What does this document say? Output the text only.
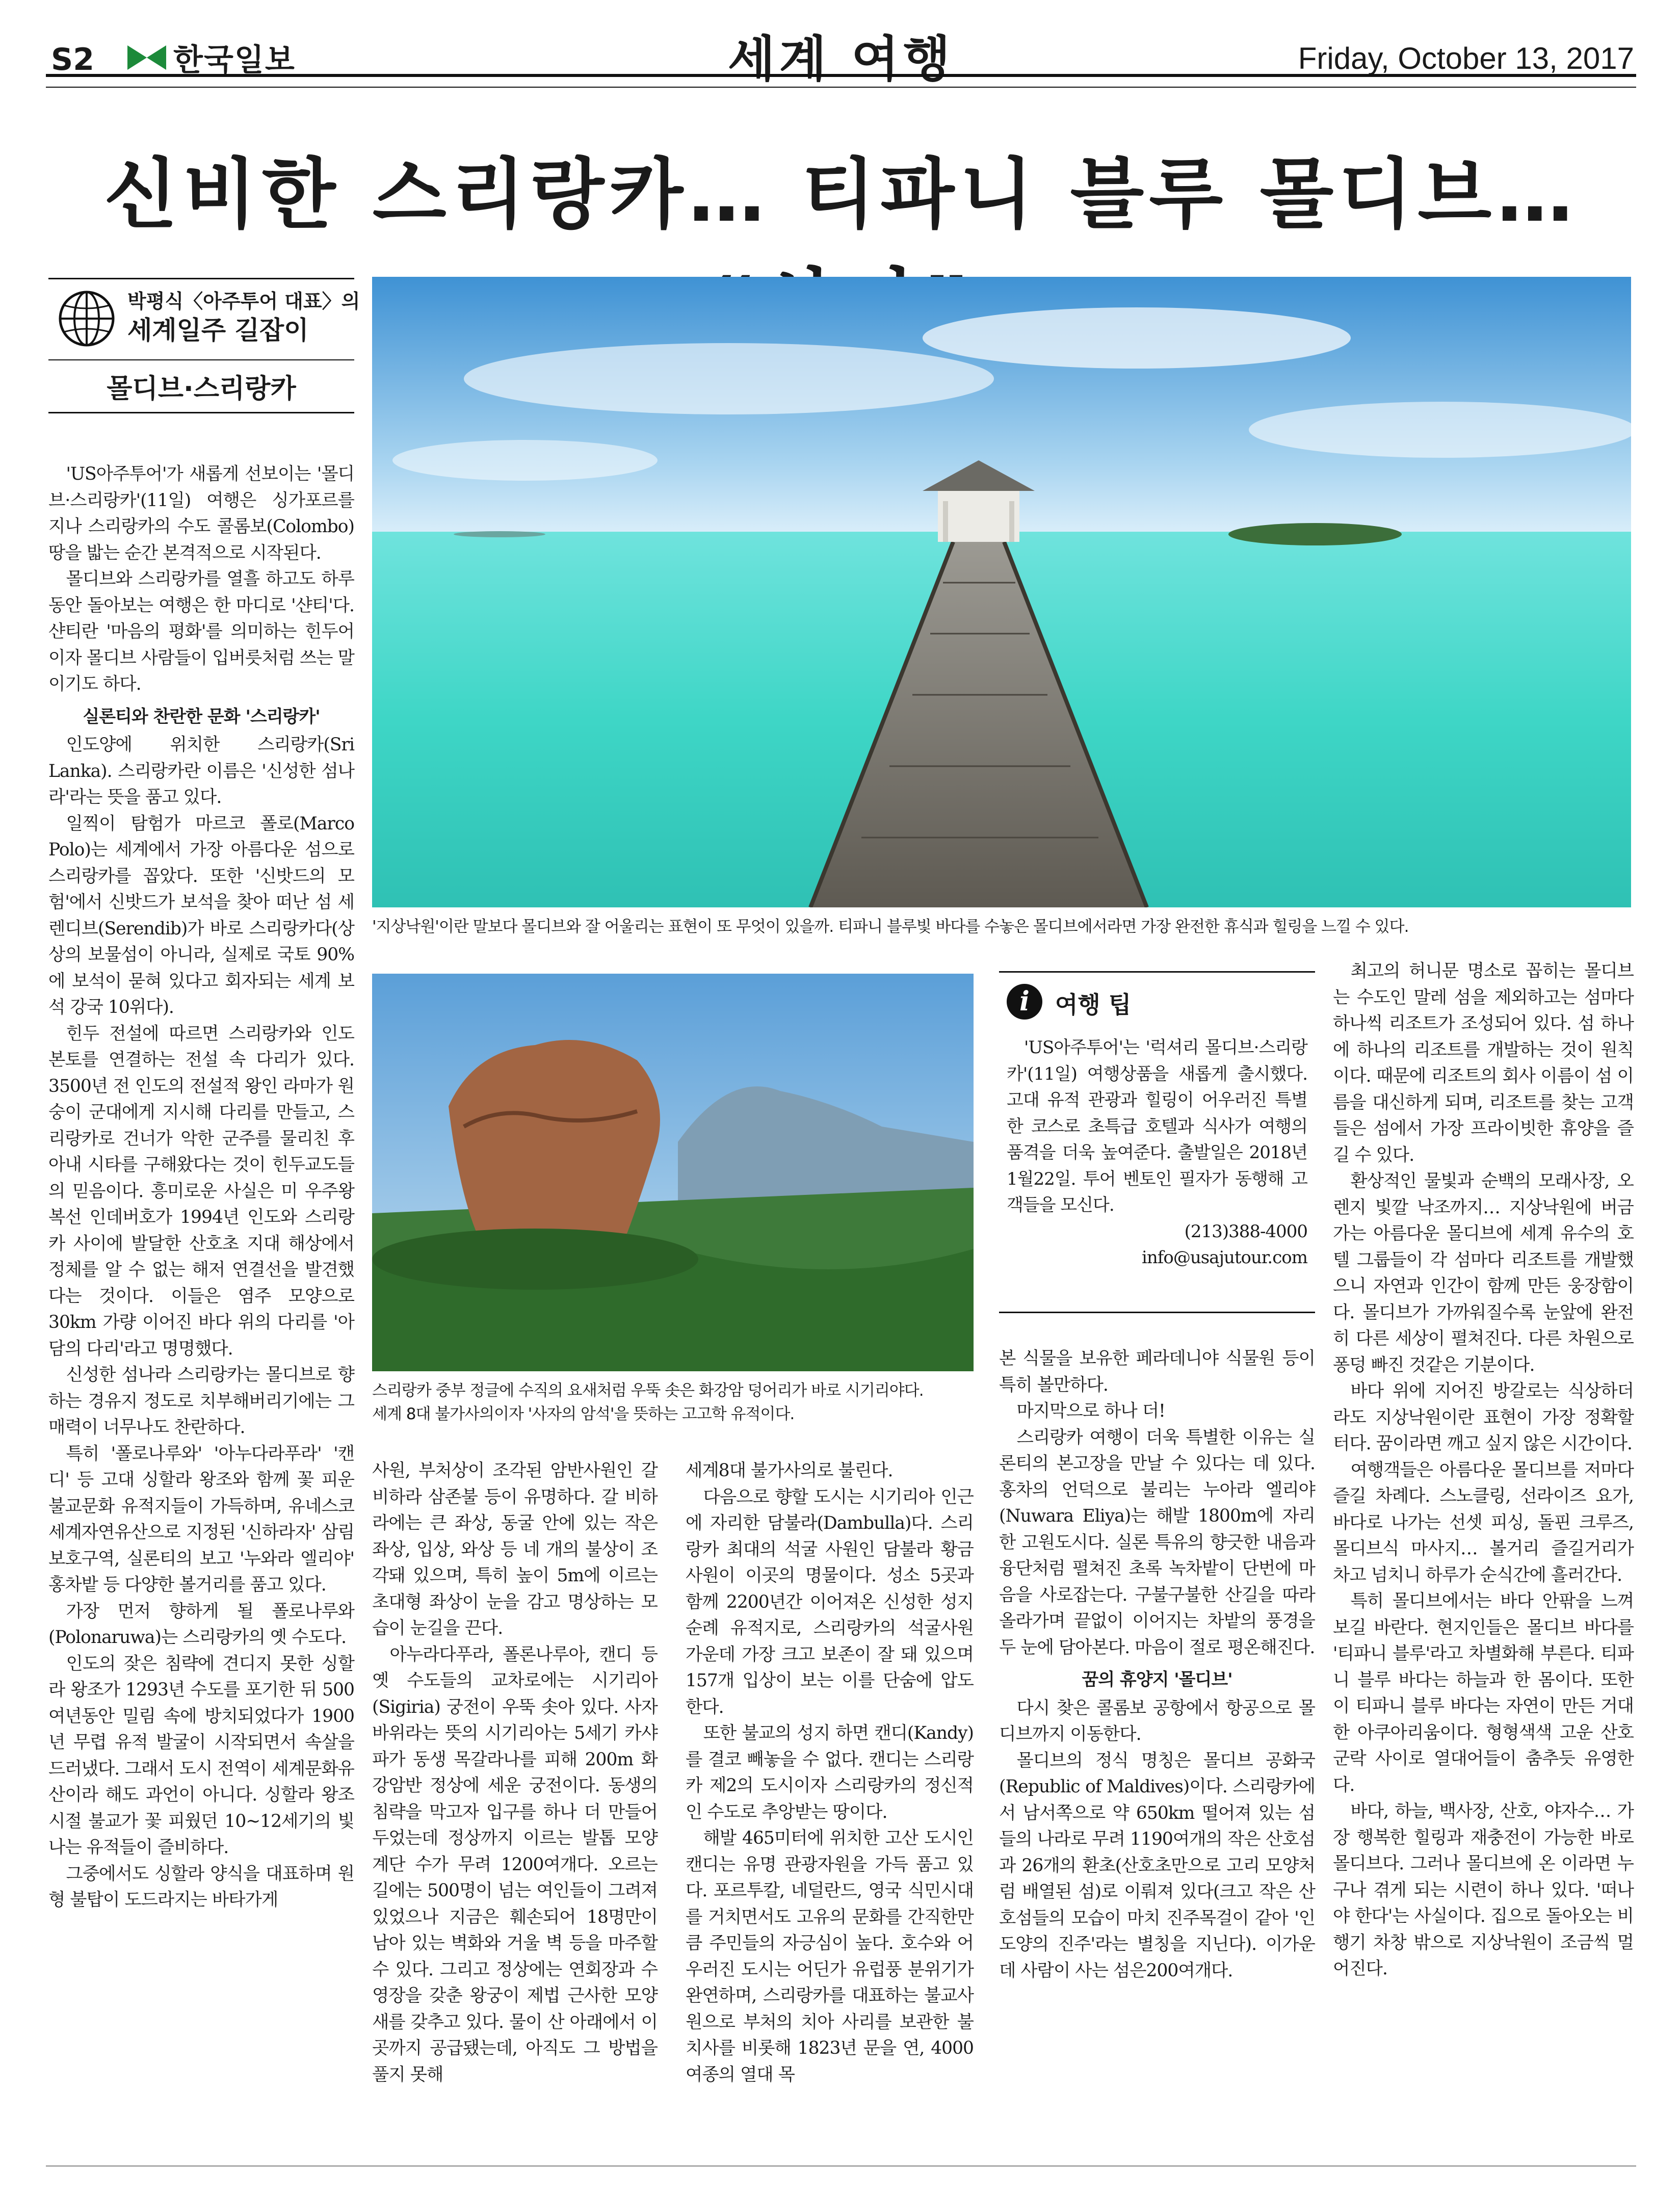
S2	한국일보	세계 여행	Friday, October 13, 2017
신비한 스리랑카… 티파니 블루 몰디브…
박평식〈아주투어 대표〉의
세계일주 길잡이
몰디브·스리랑카

'US아주투어'가 새롭게 선보이는 '몰디브·스리랑카'(11일) 여행은 싱가포르를 지나 스리랑카의 수도 콜롬보(Colombo) 땅을 밟는 순간 본격적으로 시작된다.

몰디브와 스리랑카를 열흘 하고도 하루 동안 돌아보는 여행은 한 마디로 '샨티'다. 샨티란 '마음의 평화'를 의미하는 힌두어이자 몰디브 사람들이 입버릇처럼 쓰는 말이기도 하다.

실론티와 찬란한 문화 '스리랑카'

인도양에 위치한 스리랑카(Sri Lanka). 스리랑카란 이름은 '신성한 섬나라'라는 뜻을 품고 있다.

일찍이 탐험가 마르코 폴로(Marco Polo)는 세계에서 가장 아름다운 섬으로 스리랑카를 꼽았다. 또한 '신밧드의 모험'에서 신밧드가 보석을 찾아 떠난 섬 세렌디브(Serendib)가 바로 스리랑카다(상상의 보물섬이 아니라, 실제로 국토 90%에 보석이 묻혀 있다고 회자되는 세계 보석 강국 10위다).

힌두 전설에 따르면 스리랑카와 인도 본토를 연결하는 전설 속 다리가 있다. 3500년 전 인도의 전설적 왕인 라마가 원숭이 군대에게 지시해 다리를 만들고, 스리랑카로 건너가 악한 군주를 물리친 후 아내 시타를 구해왔다는 것이 힌두교도들의 믿음이다. 흥미로운 사실은 미 우주왕복선 인데버호가 1994년 인도와 스리랑카 사이에 발달한 산호초 지대 해상에서 정체를 알 수 없는 해저 연결선을 발견했다는 것이다. 이들은 염주 모양으로 30km 가량 이어진 바다 위의 다리를 '아담의 다리'라고 명명했다.

신성한 섬나라 스리랑카는 몰디브로 향하는 경유지 정도로 치부해버리기에는 그 매력이 너무나도 찬란하다.

특히 '폴로나루와' '아누다라푸라' '캔디' 등 고대 싱할라 왕조와 함께 꽃 피운 불교문화 유적지들이 가득하며, 유네스코 세계자연유산으로 지정된 '신하라자' 삼림보호구역, 실론티의 보고 '누와라 엘리야' 홍차밭 등 다양한 볼거리를 품고 있다.

가장 먼저 향하게 될 폴로나루와(Polonaruwa)는 스리랑카의 옛 수도다.

인도의 잦은 침략에 견디지 못한 싱할라 왕조가 1293년 수도를 포기한 뒤 500여년동안 밀림 속에 방치되었다가 1900년 무렵 유적 발굴이 시작되면서 속살을 드러냈다. 그래서 도시 전역이 세계문화유산이라 해도 과언이 아니다. 싱할라 왕조 시절 불교가 꽃 피웠던 10~12세기의 빛나는 유적들이 즐비하다.

그중에서도 싱할라 양식을 대표하며 원형 불탑이 도드라지는 바타가게

'지상낙원'이란 말보다 몰디브와 잘 어울리는 표현이 또 무엇이 있을까. 티파니 블루빛 바다를 수놓은 몰디브에서라면 가장 완전한 휴식과 힐링을 느낄 수 있다.
스리랑카 중부 정글에 수직의 요새처럼 우뚝 솟은 화강암 덩어리가 바로 시기리야다.
세계 8대 불가사의이자 '사자의 암석'을 뜻하는 고고학 유적이다.

사원, 부처상이 조각된 암반사원인 갈 비하라 삼존불 등이 유명하다. 갈 비하라에는 큰 좌상, 동굴 안에 있는 작은 좌상, 입상, 와상 등 네 개의 불상이 조각돼 있으며, 특히 높이 5m에 이르는 초대형 좌상이 눈을 감고 명상하는 모습이 눈길을 끈다.

아누라다푸라, 폴론나루아, 캔디 등 옛 수도들의 교차로에는 시기리아(Sigiria) 궁전이 우뚝 솟아 있다. 사자 바위라는 뜻의 시기리아는 5세기 카샤파가 동생 목갈라나를 피해 200m 화강암반 정상에 세운 궁전이다. 동생의 침략을 막고자 입구를 하나 더 만들어두었는데 정상까지 이르는 발톱 모양 계단 수가 무려 1200여개다. 오르는 길에는 500명이 넘는 여인들이 그려져 있었으나 지금은 훼손되어 18명만이 남아 있는 벽화와 거울 벽 등을 마주할 수 있다. 그리고 정상에는 연회장과 수영장을 갖춘 왕궁이 제법 근사한 모양새를 갖추고 있다. 물이 산 아래에서 이곳까지 공급됐는데, 아직도 그 방법을 풀지 못해

세계8대 불가사의로 불린다.

다음으로 향할 도시는 시기리아 인근에 자리한 담불라(Dambulla)다. 스리랑카 최대의 석굴 사원인 담불라 황금 사원이 이곳의 명물이다. 성소 5곳과 함께 2200년간 이어져온 신성한 성지순례 유적지로, 스리랑카의 석굴사원 가운데 가장 크고 보존이 잘 돼 있으며 157개 입상이 보는 이를 단숨에 압도한다.

또한 불교의 성지 하면 캔디(Kandy)를 결코 빼놓을 수 없다. 캔디는 스리랑카 제2의 도시이자 스리랑카의 정신적인 수도로 추앙받는 땅이다.

해발 465미터에 위치한 고산 도시인 캔디는 유명 관광자원을 가득 품고 있다. 포르투칼, 네덜란드, 영국 식민시대를 거치면서도 고유의 문화를 간직한만큼 주민들의 자긍심이 높다. 호수와 어우러진 도시는 어딘가 유럽풍 분위기가 완연하며, 스리랑카를 대표하는 불교사원으로 부처의 치아 사리를 보관한 불치사를 비롯해 1823년 문을 연, 4000여종의 열대 목

i	여행 팁

'US아주투어'는 '럭셔리 몰디브·스리랑카'(11일) 여행상품을 새롭게 출시했다. 고대 유적 관광과 힐링이 어우러진 특별한 코스로 초특급 호텔과 식사가 여행의 품격을 더욱 높여준다. 출발일은 2018년 1월22일. 투어 벤토인 필자가 동행해 고객들을 모신다.

(213)388-4000

info@usajutour.com

본 식물을 보유한 페라데니야 식물원 등이 특히 볼만하다.

마지막으로 하나 더!

스리랑카 여행이 더욱 특별한 이유는 실론티의 본고장을 만날 수 있다는 데 있다. 홍차의 언덕으로 불리는 누아라 엘리야(Nuwara Eliya)는 해발 1800m에 자리한 고원도시다. 실론 특유의 향긋한 내음과 융단처럼 펼쳐진 초록 녹차밭이 단번에 마음을 사로잡는다. 구불구불한 산길을 따라 올라가며 끝없이 이어지는 차밭의 풍경을 두 눈에 담아본다. 마음이 절로 평온해진다.

꿈의 휴양지 '몰디브'

다시 찾은 콜롬보 공항에서 항공으로 몰디브까지 이동한다.

몰디브의 정식 명칭은 몰디브 공화국(Republic of Maldives)이다. 스리랑카에서 남서쪽으로 약 650km 떨어져 있는 섬들의 나라로 무려 1190여개의 작은 산호섬과 26개의 환초(산호초만으로 고리 모양처럼 배열된 섬)로 이뤄져 있다(크고 작은 산호섬들의 모습이 마치 진주목걸이 같아 '인도양의 진주'라는 별칭을 지닌다). 이가운데 사람이 사는 섬은200여개다.

최고의 허니문 명소로 꼽히는 몰디브는 수도인 말레 섬을 제외하고는 섬마다 하나씩 리조트가 조성되어 있다. 섬 하나에 하나의 리조트를 개발하는 것이 원칙이다. 때문에 리조트의 회사 이름이 섬 이름을 대신하게 되며, 리조트를 찾는 고객들은 섬에서 가장 프라이빗한 휴양을 즐길 수 있다.

환상적인 물빛과 순백의 모래사장, 오렌지 빛깔 낙조까지… 지상낙원에 버금가는 아름다운 몰디브에 세계 유수의 호텔 그룹들이 각 섬마다 리조트를 개발했으니 자연과 인간이 함께 만든 웅장함이다. 몰디브가 가까워질수록 눈앞에 완전히 다른 세상이 펼쳐진다. 다른 차원으로 퐁덩 빠진 것같은 기분이다.

바다 위에 지어진 방갈로는 식상하더라도 지상낙원이란 표현이 가장 정확할 터다. 꿈이라면 깨고 싶지 않은 시간이다.

여행객들은 아름다운 몰디브를 저마다 즐길 차례다. 스노클링, 선라이즈 요가, 바다로 나가는 선셋 피싱, 돌핀 크루즈, 몰디브식 마사지… 볼거리 즐길거리가 차고 넘치니 하루가 순식간에 흘러간다.

특히 몰디브에서는 바다 안팎을 느껴보길 바란다. 현지인들은 몰디브 바다를 '티파니 블루'라고 차별화해 부른다. 티파니 블루 바다는 하늘과 한 몸이다. 또한 이 티파니 블루 바다는 자연이 만든 거대한 아쿠아리움이다. 형형색색 고운 산호군락 사이로 열대어들이 춤추듯 유영한다.

바다, 하늘, 백사장, 산호, 야자수… 가장 행복한 힐링과 재충전이 가능한 바로 몰디브다. 그러나 몰디브에 온 이라면 누구나 겪게 되는 시련이 하나 있다. '떠나야 한다'는 사실이다. 집으로 돌아오는 비행기 차창 밖으로 지상낙원이 조금씩 멀어진다.
